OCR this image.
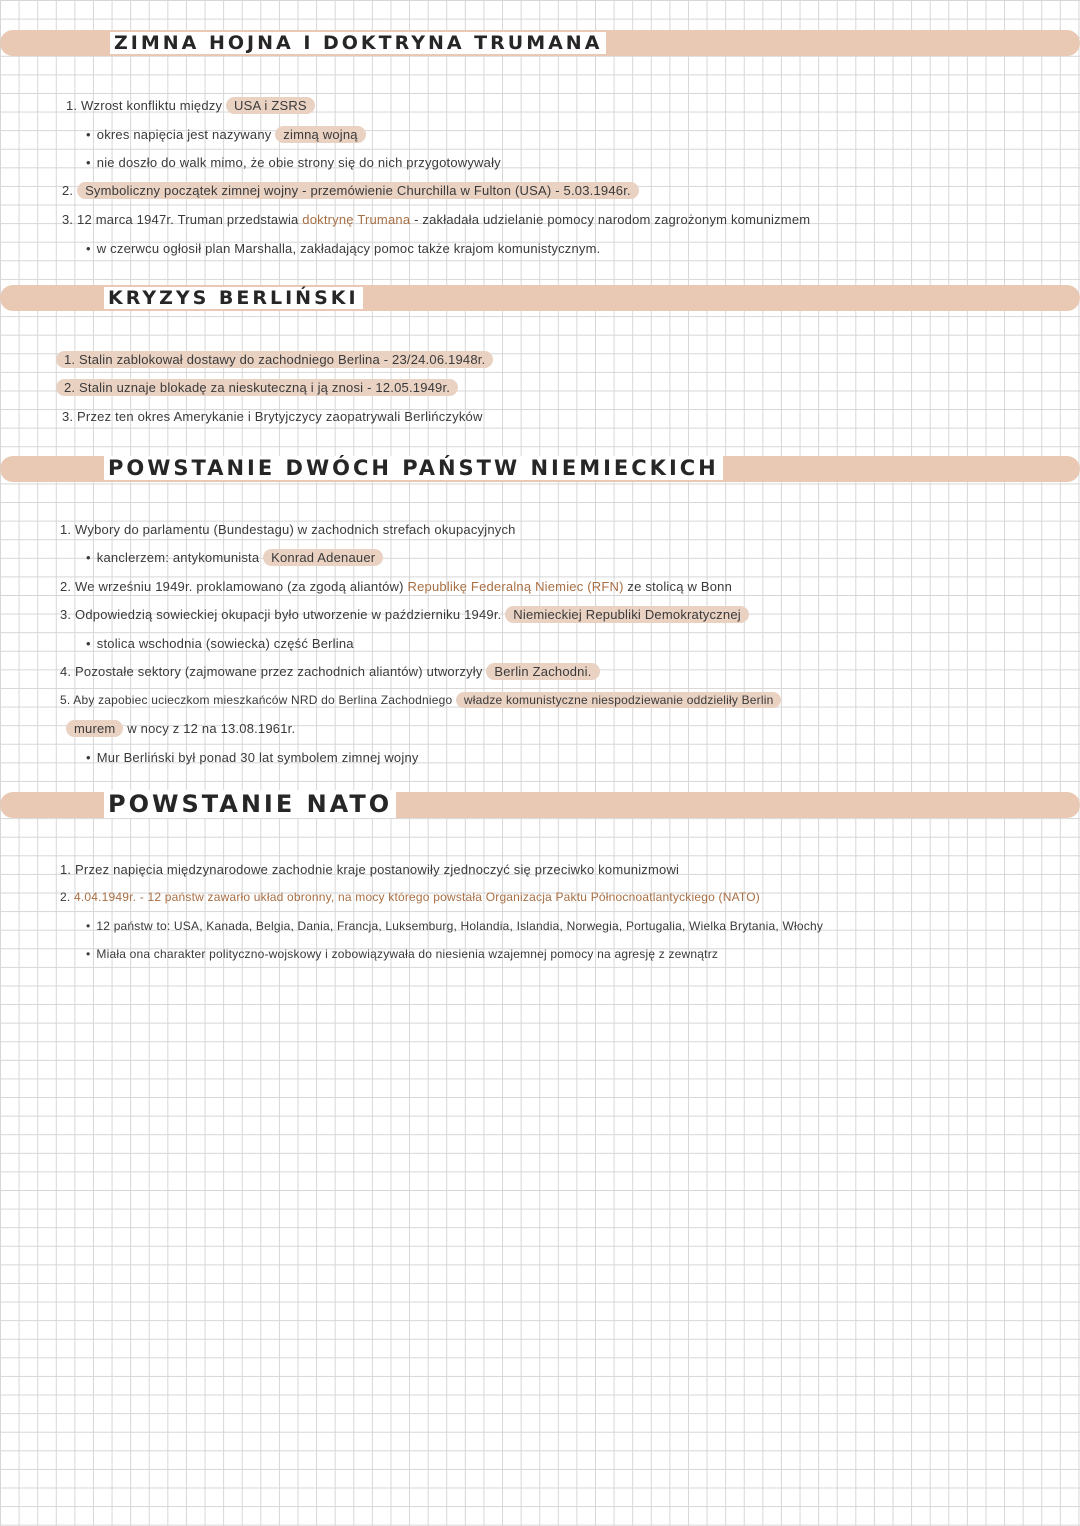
ZIMNA HOJNA I DOKTRYNA TRUMANA
1. Wzrost konfliktu między USA i ZSRS
• okres napięcia jest nazywany zimną wojną
• nie doszło do walk mimo, że obie strony się do nich przygotowywały
2. Symboliczny początek zimnej wojny - przemówienie Churchilla w Fulton (USA) - 5.03.1946r.
3. 12 marca 1947r. Truman przedstawia doktrynę Trumana - zakładała udzielanie pomocy narodom zagrożonym komunizmem
• w czerwcu ogłosił plan Marshalla, zakładający pomoc także krajom komunistycznym.
KRYZYS BERLIŃSKI
1. Stalin zablokował dostawy do zachodniego Berlina - 23/24.06.1948r.
2. Stalin uznaje blokadę za nieskuteczną i ją znosi - 12.05.1949r.
3. Przez ten okres Amerykanie i Brytyjczycy zaopatrywali Berlińczyków
POWSTANIE DWÓCH PAŃSTW NIEMIECKICH
1. Wybory do parlamentu (Bundestagu) w zachodnich strefach okupacyjnych
• kanclerzem: antykomunista Konrad Adenauer
2. We wrześniu 1949r. proklamowano (za zgodą aliantów) Republikę Federalną Niemiec (RFN) ze stolicą w Bonn
3. Odpowiedzią sowieckiej okupacji było utworzenie w październiku 1949r. Niemieckiej Republiki Demokratycznej
• stolica wschodnia (sowiecka) część Berlina
4. Pozostałe sektory (zajmowane przez zachodnich aliantów) utworzyły Berlin Zachodni.
5. Aby zapobiec ucieczkom mieszkańców NRD do Berlina Zachodniego władze komunistyczne niespodziewanie oddzieliły Berlin
murem w nocy z 12 na 13.08.1961r.
• Mur Berliński był ponad 30 lat symbolem zimnej wojny
POWSTANIE NATO
1. Przez napięcia międzynarodowe zachodnie kraje postanowiły zjednoczyć się przeciwko komunizmowi
2. 4.04.1949r. - 12 państw zawarło układ obronny, na mocy którego powstała Organizacja Paktu Północnoatlantyckiego (NATO)
• 12 państw to: USA, Kanada, Belgia, Dania, Francja, Luksemburg, Holandia, Islandia, Norwegia, Portugalia, Wielka Brytania, Włochy
• Miała ona charakter polityczno-wojskowy i zobowiązywała do niesienia wzajemnej pomocy na agresję z zewnątrz
